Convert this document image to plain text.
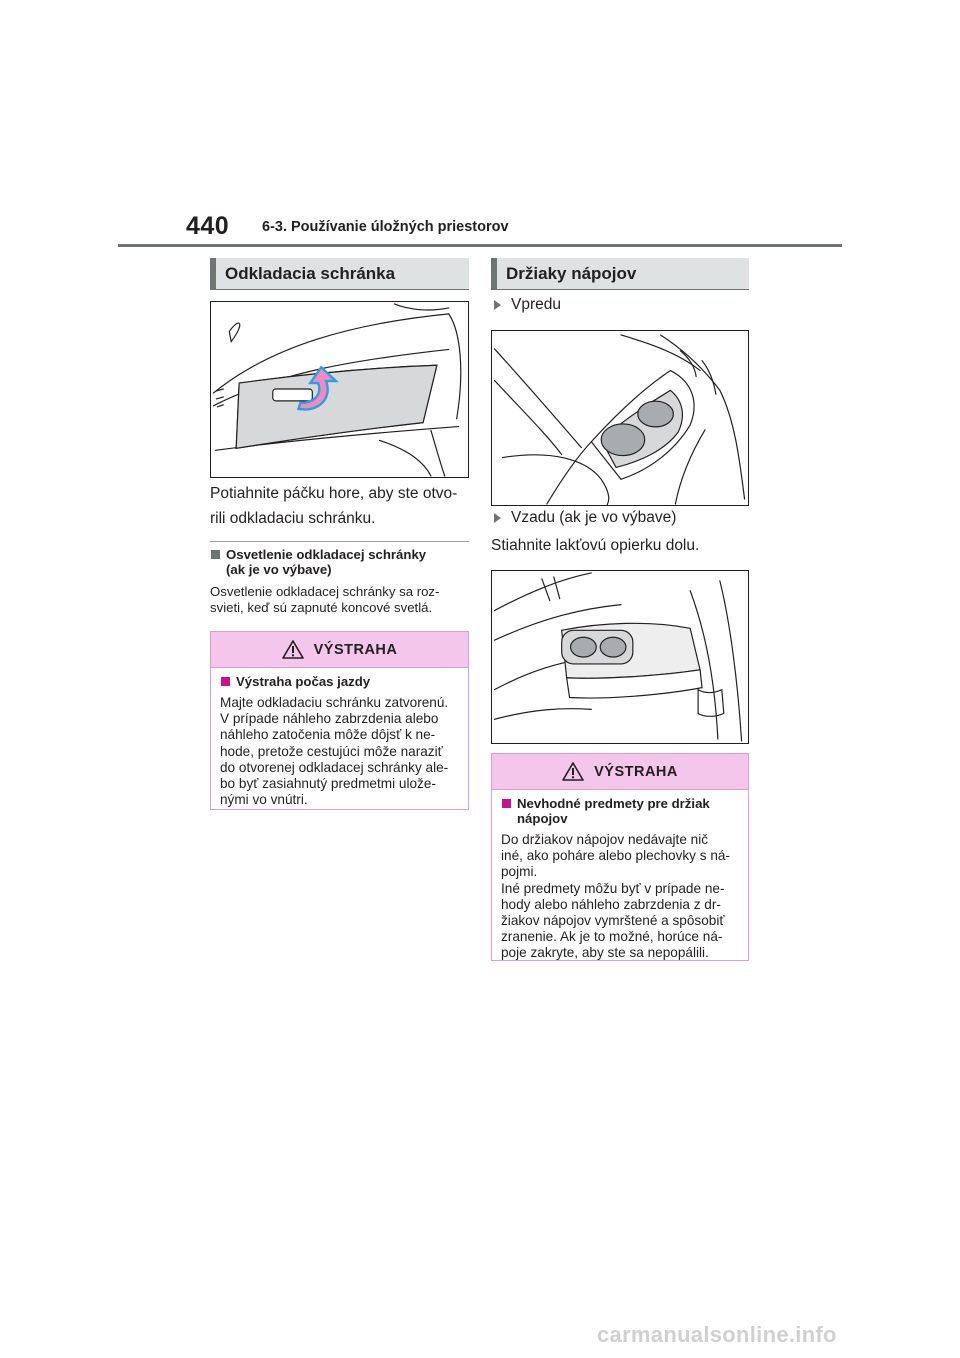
440 6-3. Používanie úložných priestorov
Odkladacia schránka
Potiahnite páčku hore, aby ste otvo-
rili odkladaciu schránku.
Osvetlenie odkladacej schránky
(ak je vo výbave)
Osvetlenie odkladacej schránky sa roz-
svieti, keď sú zapnuté koncové svetlá.
VÝSTRAHA
Výstraha počas jazdy
Majte odkladaciu schránku zatvorenú.
V prípade náhleho zabrzdenia alebo
náhleho zatočenia môže dôjsť k ne-
hode, pretože cestujúci môže naraziť
do otvorenej odkladacej schránky ale-
bo byť zasiahnutý predmetmi ulože-
nými vo vnútri.
Držiaky nápojov
Vpredu
Vzadu (ak je vo výbave)
Stiahnite lakťovú opierku dolu.
VÝSTRAHA
Nevhodné predmety pre držiak
nápojov
Do držiakov nápojov nedávajte nič
iné, ako poháre alebo plechovky s ná-
pojmi.
Iné predmety môžu byť v prípade ne-
hody alebo náhleho zabrzdenia z dr-
žiakov nápojov vymrštené a spôsobiť
zranenie. Ak je to možné, horúce ná-
poje zakryte, aby ste sa nepopálili.
carmanualsonline.info
